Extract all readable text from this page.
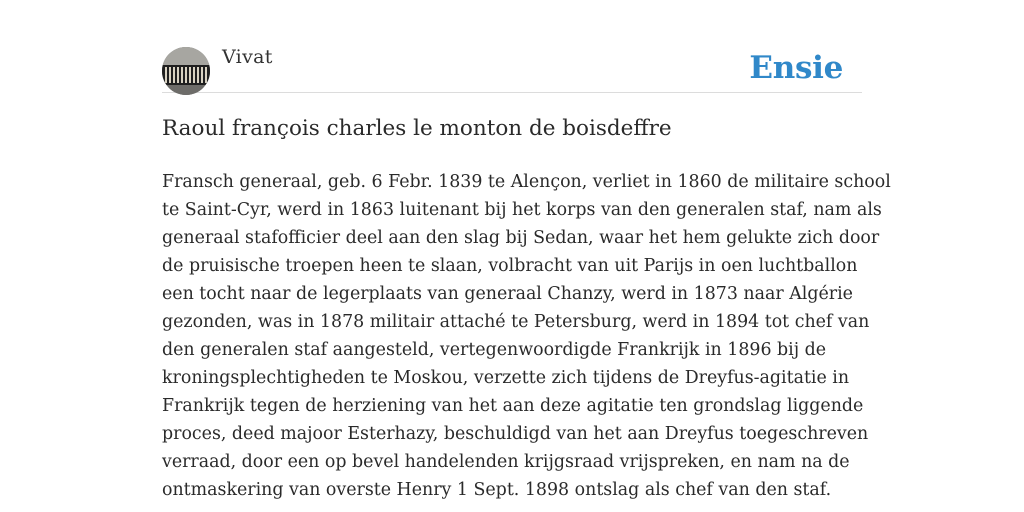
Vivat	Ensie
Raoul françois charles le monton de boisdeffre

Fransch generaal, geb. 6 Febr. 1839 te Alençon, verliet in 1860 de militaire school
te Saint-Cyr, werd in 1863 luitenant bij het korps van den generalen staf, nam als
generaal stafofficier deel aan den slag bij Sedan, waar het hem gelukte zich door
de pruisische troepen heen te slaan, volbracht van uit Parijs in oen luchtballon
een tocht naar de legerplaats van generaal Chanzy, werd in 1873 naar Algérie
gezonden, was in 1878 militair attaché te Petersburg, werd in 1894 tot chef van
den generalen staf aangesteld, vertegenwoordigde Frankrijk in 1896 bij de
kroningsplechtigheden te Moskou, verzette zich tijdens de Dreyfus-agitatie in
Frankrijk tegen de herziening van het aan deze agitatie ten grondslag liggende
proces, deed majoor Esterhazy, beschuldigd van het aan Dreyfus toegeschreven
verraad, door een op bevel handelenden krijgsraad vrijspreken, en nam na de
ontmaskering van overste Henry 1 Sept. 1898 ontslag als chef van den staf.
